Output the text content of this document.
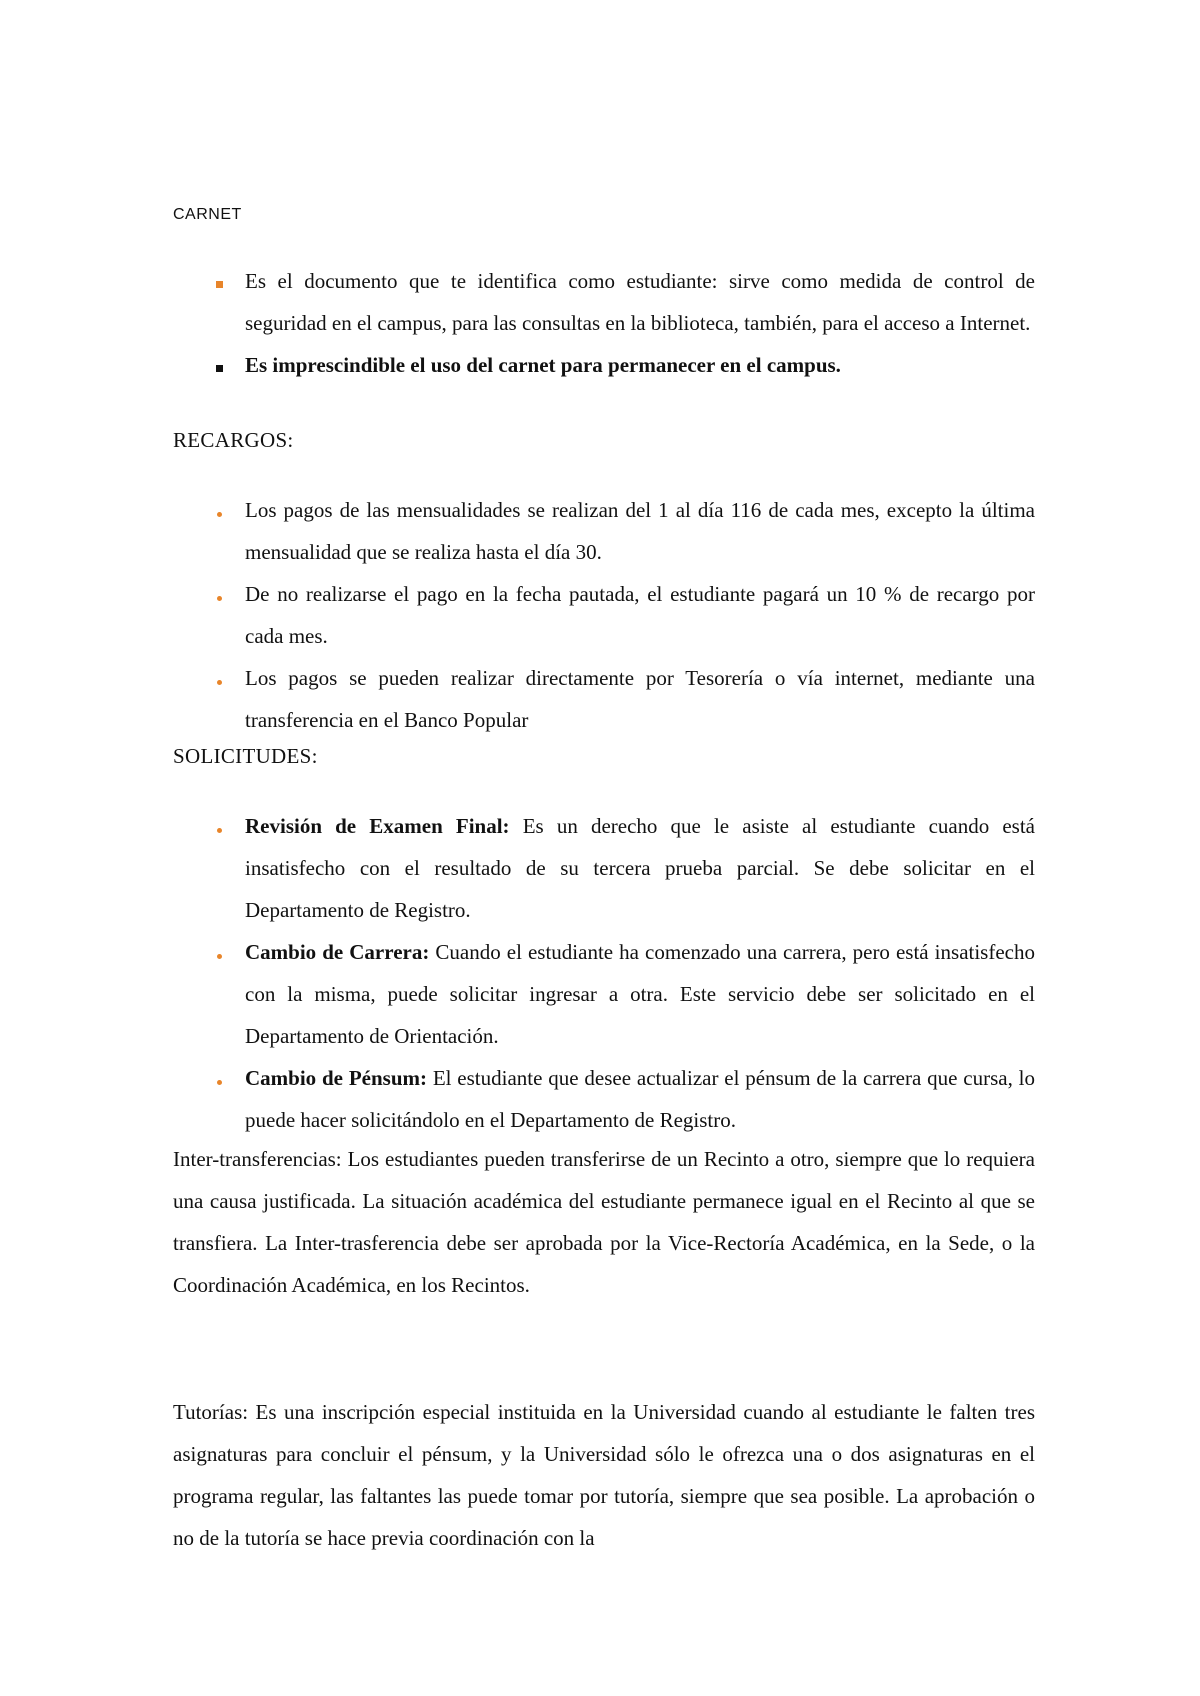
CARNET
Es el documento que te identifica como estudiante: sirve como medida de control de seguridad en el campus, para las consultas en la biblioteca, también, para el acceso a Internet.
Es imprescindible el uso del carnet para permanecer en el campus.
RECARGOS:
Los pagos de las mensualidades se realizan del 1 al día 116 de cada mes, excepto la última mensualidad que se realiza hasta el día 30.
De no realizarse el pago en la fecha pautada, el estudiante pagará un 10 % de recargo por cada mes.
Los pagos se pueden realizar directamente por Tesorería o vía internet, mediante una transferencia en el Banco Popular
SOLICITUDES:
Revisión de Examen Final: Es un derecho que le asiste al estudiante cuando está insatisfecho con el resultado de su tercera prueba parcial. Se debe solicitar en el Departamento de Registro.
Cambio de Carrera: Cuando el estudiante ha comenzado una carrera, pero está insatisfecho con la misma, puede solicitar ingresar a otra. Este servicio debe ser solicitado en el Departamento de Orientación.
Cambio de Pénsum: El estudiante que desee actualizar el pénsum de la carrera que cursa, lo puede hacer solicitándolo en el Departamento de Registro.

Inter-transferencias: Los estudiantes pueden transferirse de un Recinto a otro, siempre que lo requiera una causa justificada. La situación académica del estudiante permanece igual en el Recinto al que se transfiera. La Inter-trasferencia debe ser aprobada por la Vice-Rectoría Académica, en la Sede, o la Coordinación Académica, en los Recintos.

Tutorías: Es una inscripción especial instituida en la Universidad cuando al estudiante le falten tres asignaturas para concluir el pénsum, y la Universidad sólo le ofrezca una o dos asignaturas en el programa regular, las faltantes las puede tomar por tutoría, siempre que sea posible. La aprobación o no de la tutoría se hace previa coordinación con la
